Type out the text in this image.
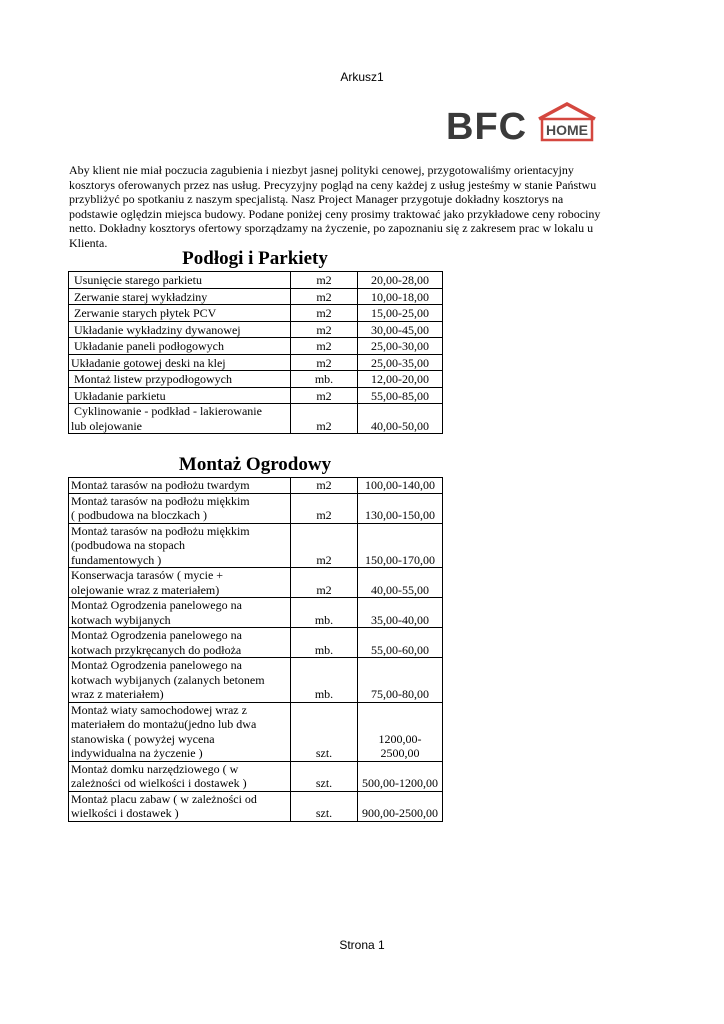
Arkusz1
BFC HOME

Aby klient nie miał poczucia zagubienia i niezbyt jasnej polityki cenowej, przygotowaliśmy orientacyjny

kosztorys oferowanych przez nas usług. Precyzyjny pogląd na ceny każdej z usług jesteśmy w stanie Państwu

przybliżyć po spotkaniu z naszym specjalistą. Nasz Project Manager przygotuje dokładny kosztorys na

podstawie oględzin miejsca budowy. Podane poniżej ceny prosimy traktować jako przykładowe ceny robociny

netto. Dokładny kosztorys ofertowy sporządzamy na życzenie, po zapoznaniu się z zakresem prac w lokalu u

Klienta.

Podłogi i Parkiety
Usunięcie starego parkietu	m2	20,00-28,00
Zerwanie starej wykładziny	m2	10,00-18,00
Zerwanie starych płytek PCV	m2	15,00-25,00
Układanie wykładziny dywanowej	m2	30,00-45,00
Układanie paneli podłogowych	m2	25,00-30,00
Układanie gotowej deski na klej	m2	25,00-35,00
Montaż listew przypodłogowych	mb.	12,00-20,00
Układanie parkietu	m2	55,00-85,00
Cyklinowanie - podkład - lakierowanie
lub olejowanie	m2	40,00-50,00
Montaż Ogrodowy
Montaż tarasów na podłożu twardym	m2	100,00-140,00
Montaż tarasów na podłożu miękkim
( podbudowa na bloczkach )	m2	130,00-150,00
Montaż tarasów na podłożu miękkim
(podbudowa na stopach
fundamentowych )	m2	150,00-170,00
Konserwacja tarasów ( mycie +
olejowanie wraz z materiałem)	m2	40,00-55,00
Montaż Ogrodzenia panelowego na
kotwach wybijanych	mb.	35,00-40,00
Montaż Ogrodzenia panelowego na
kotwach przykręcanych do podłoża	mb.	55,00-60,00
Montaż Ogrodzenia panelowego na
kotwach wybijanych (zalanych betonem
wraz z materiałem)	mb.	75,00-80,00
Montaż wiaty samochodowej wraz z
materiałem do montażu(jedno lub dwa
stanowiska ( powyżej wycena
indywidualna na życzenie )	szt.	1200,00-2500,00
Montaż domku narzędziowego ( w
zależności od wielkości i dostawek )	szt.	500,00-1200,00
Montaż placu zabaw ( w zależności od
wielkości i dostawek )	szt.	900,00-2500,00
Strona 1
